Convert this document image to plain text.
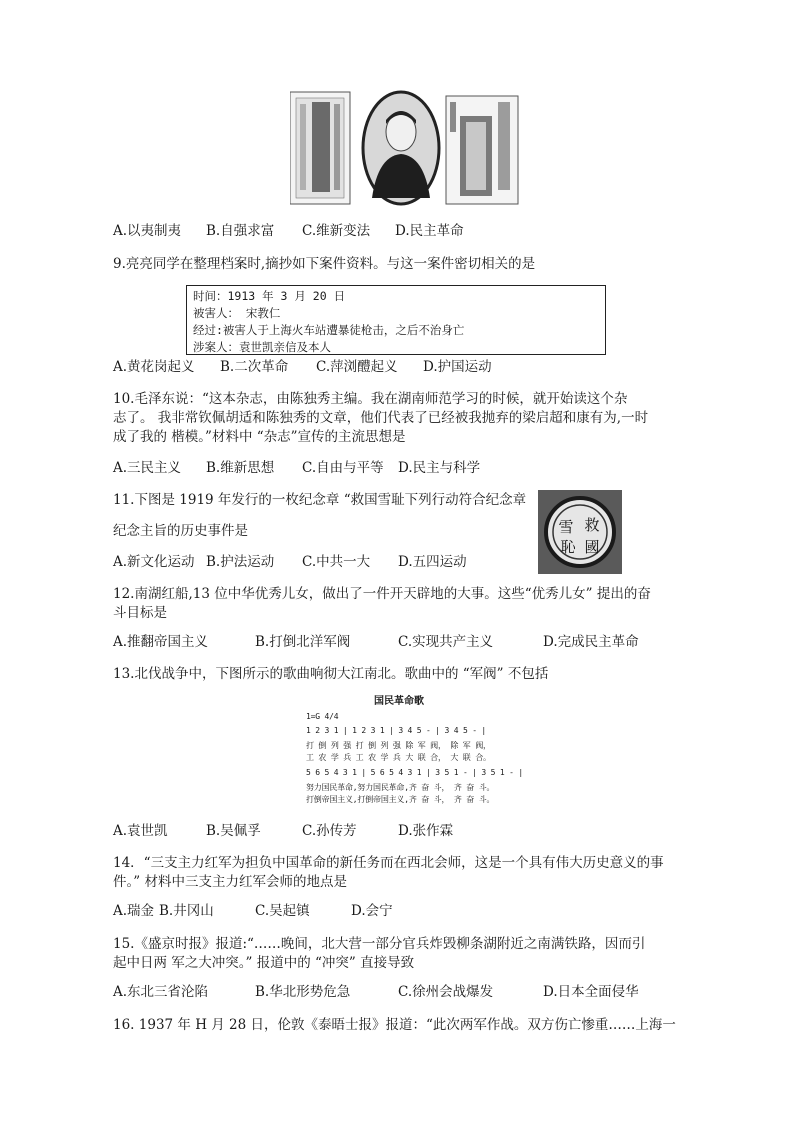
A.以夷制夷 B.自强求富 C.维新变法 D.民主革命
9.亮亮同学在整理档案时,摘抄如下案件资料。与这一案件密切相关的是
时间：1913 年 3 月 20 日
被害人： 宋教仁
经过:被害人于上海火车站遭暴徒枪击，之后不治身亡
涉案人：袁世凯亲信及本人
A.黄花岗起义 B.二次革命 C.萍浏醴起义 D.护国运动
10.毛泽东说：“这本杂志，由陈独秀主编。我在湖南师范学习的时候，就开始读这个杂
志了。 我非常钦佩胡适和陈独秀的文章，他们代表了已经被我抛弃的梁启超和康有为,一时
成了我的 楷模。”材料中 “杂志”宣传的主流思想是
A.三民主义 B.维新思想 C.自由与平等 D.民主与科学
11.下图是 1919 年发行的一枚纪念章 “救国雪耻下列行动符合纪念章
纪念主旨的历史事件是
A.新文化运动 B.护法运动 C.中共一大 D.五四运动
雪 救
恥 國
12.南湖红船,13 位中华优秀儿女，做出了一件开天辟地的大事。这些“优秀儿女” 提出的奋
斗目标是
A.推翻帝国主义	B.打倒北洋军阀	C.实现共产主义	D.完成民主革命
13.北伐战争中，下图所示的歌曲响彻大江南北。歌曲中的 “军阀” 不包括
国民革命歌
1=G 4/4
1 2 3 1 | 1 2 3 1 | 3 4 5 - | 3 4 5 - |
打 倒 列 强 打 倒 列 强 除 军 阀， 除 军 阀，
工 农 学 兵 工 农 学 兵 大 联 合， 大 联 合。
5 6 5 4 3 1 | 5 6 5 4 3 1 | 3 5 1 - | 3 5 1 - |
努力国民革命,努力国民革命,齐 奋 斗， 齐 奋 斗。
打倒帝国主义,打倒帝国主义,齐 奋 斗， 齐 奋 斗。
A.袁世凯	B.吴佩孚	C.孙传芳	D.张作霖
14．“三支主力红军为担负中国革命的新任务而在西北会师，这是一个具有伟大历史意义的事
件。” 材料中三支主力红军会师的地点是
A.瑞金 B.井冈山	C.吴起镇	D.会宁
15.《盛京时报》报道:“……晚间，北大营一部分官兵炸毁柳条湖附近之南满铁路，因而引
起中日两 军之大冲突。” 报道中的 “冲突” 直接导致
A.东北三省沦陷	B.华北形势危急	C.徐州会战爆发	D.日本全面侵华
16. 1937 年 H 月 28 日，伦敦《泰晤士报》报道：“此次两军作战。双方伤亡惨重……上海一
